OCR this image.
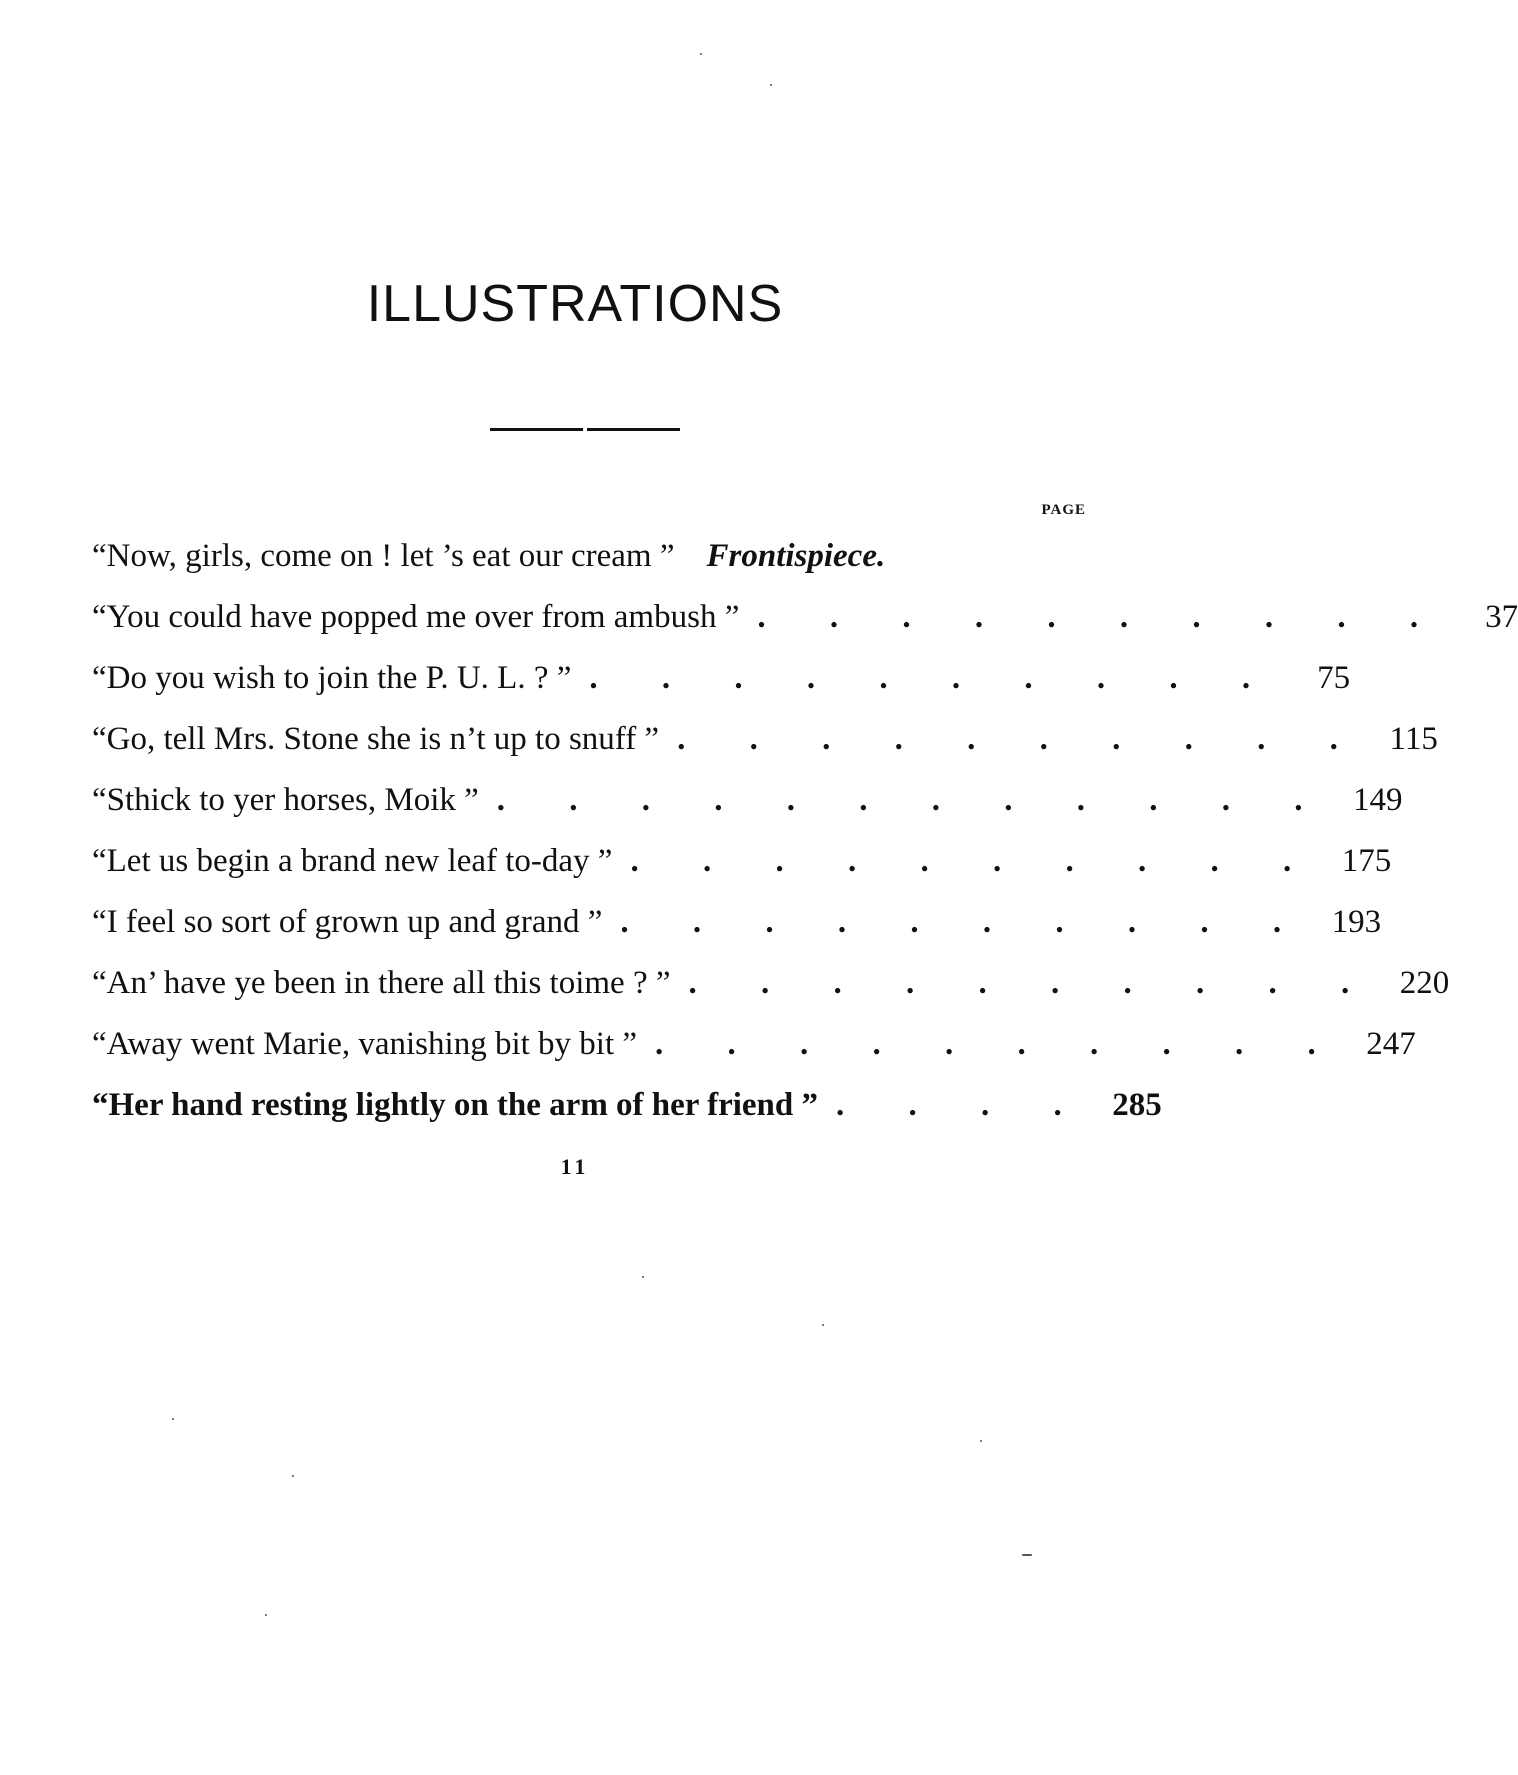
ILLUSTRATIONS
PAGE
“Now, girls, come on ! let ’s eat our cream ” Frontispiece.
“You could have popped me over from ambush ” . . . . . . . . . .	37
“Do you wish to join the P. U. L. ? ” . . . . . . . . . .	75
“Go, tell Mrs. Stone she is n’t up to snuff ” . . . . . . . . . . 115
“Sthick to yer horses, Moik ” . . . . . . . . . . . . 149
“Let us begin a brand new leaf to-day ” . . . . . . . . . . 175
“I feel so sort of grown up and grand ” . . . . . . . . . . 193
“An’ have ye been in there all this toime ? ” . . . . . . . . . . 220
“Away went Marie, vanishing bit by bit ” . . . . . . . . . . 247
“Her hand resting lightly on the arm of her friend ” . . . . 285
11
